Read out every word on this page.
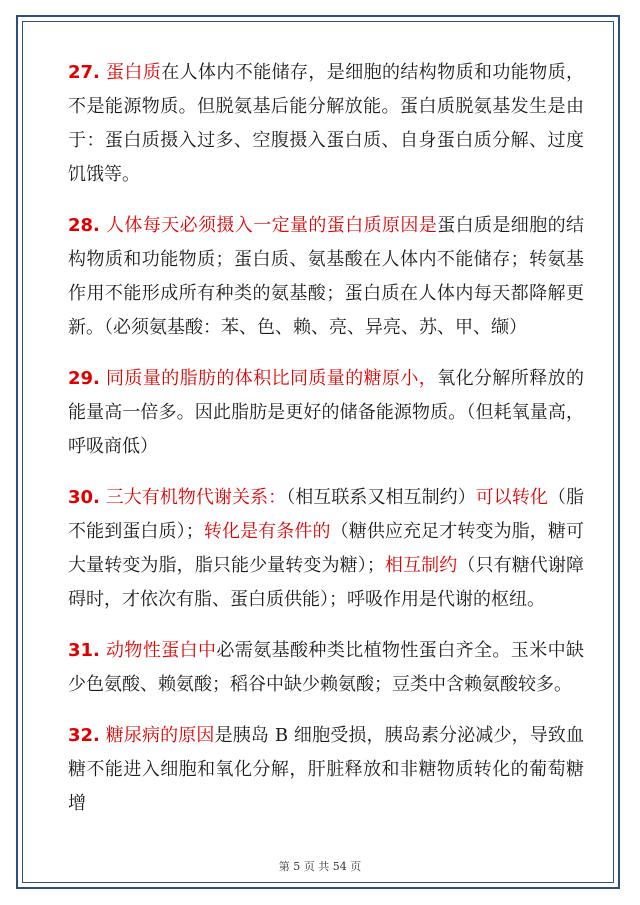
27. 蛋白质在人体内不能储存，是细胞的结构物质和功能物质，不是能源物质。但脱氨基后能分解放能。蛋白质脱氨基发生是由于：蛋白质摄入过多、空腹摄入蛋白质、自身蛋白质分解、过度饥饿等。

28. 人体每天必须摄入一定量的蛋白质原因是蛋白质是细胞的结构物质和功能物质；蛋白质、氨基酸在人体内不能储存；转氨基作用不能形成所有种类的氨基酸；蛋白质在人体内每天都降解更新。（必须氨基酸：苯、色、赖、亮、异亮、苏、甲、缬）

29. 同质量的脂肪的体积比同质量的糖原小，氧化分解所释放的能量高一倍多。因此脂肪是更好的储备能源物质。（但耗氧量高，呼吸商低）

30. 三大有机物代谢关系：（相互联系又相互制约）可以转化（脂不能到蛋白质）；转化是有条件的（糖供应充足才转变为脂，糖可大量转变为脂，脂只能少量转变为糖）；相互制约（只有糖代谢障碍时，才依次有脂、蛋白质供能）；呼吸作用是代谢的枢纽。

31. 动物性蛋白中必需氨基酸种类比植物性蛋白齐全。玉米中缺少色氨酸、赖氨酸；稻谷中缺少赖氨酸；豆类中含赖氨酸较多。

32. 糖尿病的原因是胰岛 B 细胞受损，胰岛素分泌减少，导致血糖不能进入细胞和氧化分解，肝脏释放和非糖物质转化的葡萄糖增

第 5 页 共 54 页
